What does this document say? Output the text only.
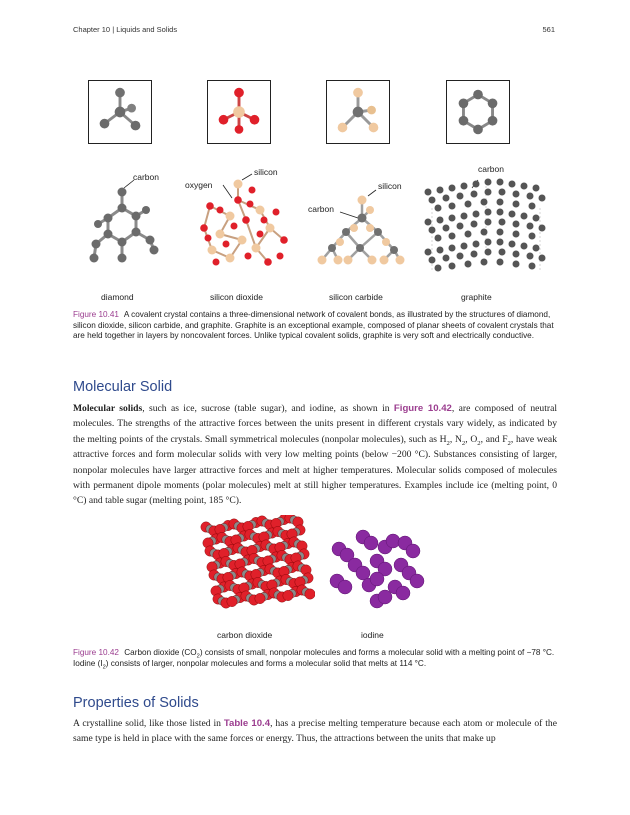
Chapter 10 | Liquids and Solids	561
carbon
oxygen
silicon
silicon
carbon
carbon
diamond	silicon dioxide	silicon carbide	graphite
Figure 10.41 A covalent crystal contains a three-dimensional network of covalent bonds, as illustrated by the structures of diamond, silicon dioxide, silicon carbide, and graphite. Graphite is an exceptional example, composed of planar sheets of covalent crystals that are held together in layers by noncovalent forces. Unlike typical covalent solids, graphite is very soft and electrically conductive.
Molecular Solid
Molecular solids, such as ice, sucrose (table sugar), and iodine, as shown in Figure 10.42, are composed of neutral molecules. The strengths of the attractive forces between the units present in different crystals vary widely, as indicated by the melting points of the crystals. Small symmetrical molecules (nonpolar molecules), such as $H_2$, $N_2$, $O_2$, and $F_2$, have weak attractive forces and form molecular solids with very low melting points (below −200 °C). Substances consisting of larger, nonpolar molecules have larger attractive forces and melt at higher temperatures. Molecular solids composed of molecules with permanent dipole moments (polar molecules) melt at still higher temperatures. Examples include ice (melting point, 0 °C) and table sugar (melting point, 185 °C).
carbon dioxide	iodine
Figure 10.42 Carbon dioxide $(CO_2)$ consists of small, nonpolar molecules and forms a molecular solid with a melting point of −78 °C. Iodine $(I_2)$ consists of larger, nonpolar molecules and forms a molecular solid that melts at 114 °C.
Properties of Solids
A crystalline solid, like those listed in Table 10.4, has a precise melting temperature because each atom or molecule of the same type is held in place with the same forces or energy. Thus, the attractions between the units that make up
